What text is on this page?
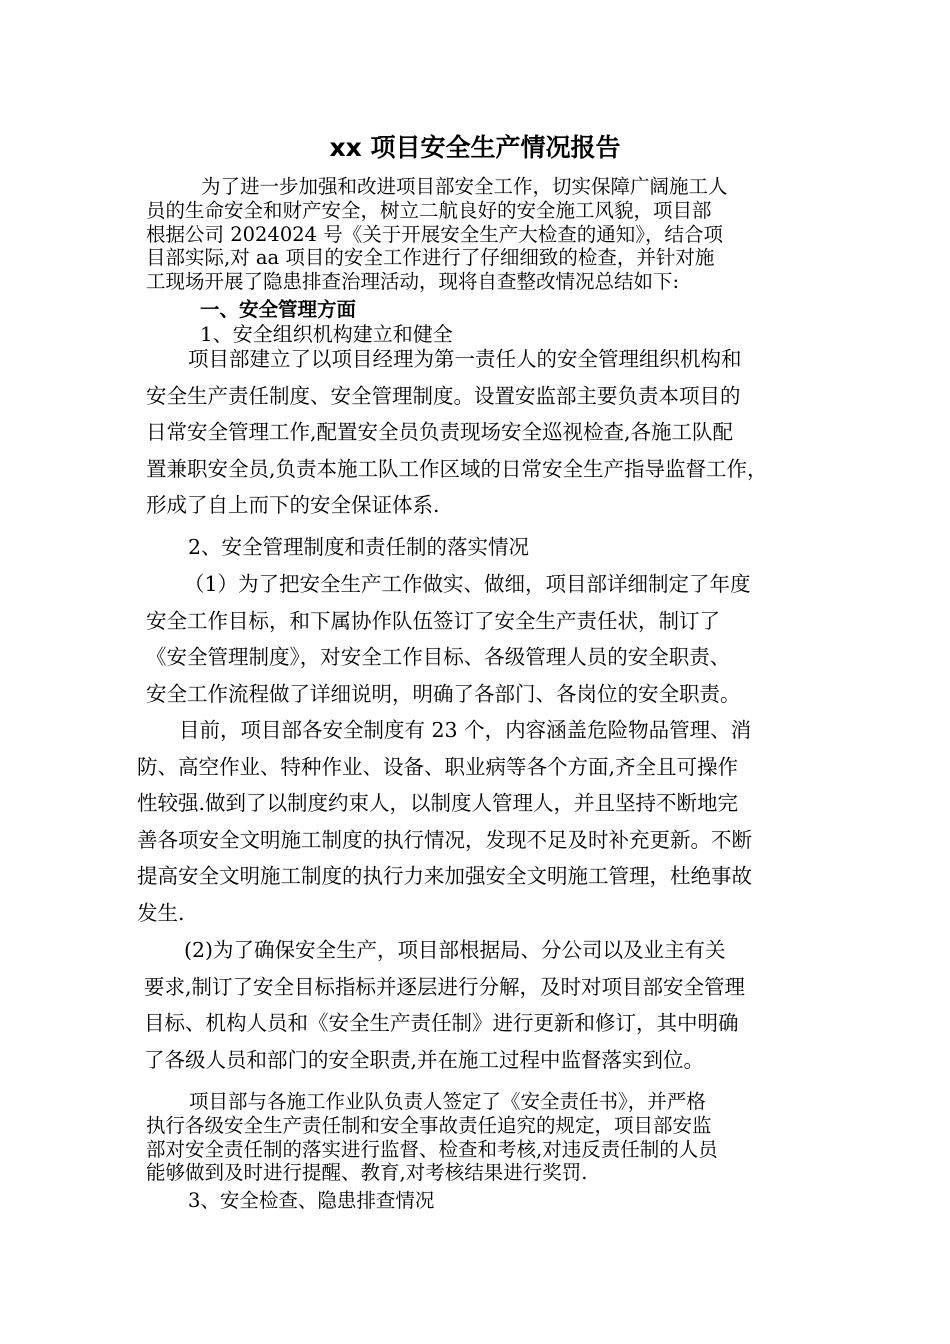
xx 项目安全生产情况报告
为了进一步加强和改进项目部安全工作，切实保障广阔施工人
员的生命安全和财产安全，树立二航良好的安全施工风貌，项目部
根据公司 2024024 号《关于开展安全生产大检查的通知》，结合项
目部实际,对 aa 项目的安全工作进行了仔细细致的检查，并针对施
工现场开展了隐患排查治理活动，现将自查整改情况总结如下:
一、安全管理方面
1、安全组织机构建立和健全
项目部建立了以项目经理为第一责任人的安全管理组织机构和
安全生产责任制度、安全管理制度。设置安监部主要负责本项目的
日常安全管理工作,配置安全员负责现场安全巡视检查,各施工队配
置兼职安全员,负责本施工队工作区域的日常安全生产指导监督工作，
形成了自上而下的安全保证体系.
2、安全管理制度和责任制的落实情况
（1）为了把安全生产工作做实、做细，项目部详细制定了年度
安全工作目标，和下属协作队伍签订了安全生产责任状，制订了
《安全管理制度》，对安全工作目标、各级管理人员的安全职责、
安全工作流程做了详细说明，明确了各部门、各岗位的安全职责。
目前，项目部各安全制度有 23 个，内容涵盖危险物品管理、消
防、高空作业、特种作业、设备、职业病等各个方面,齐全且可操作
性较强.做到了以制度约束人，以制度人管理人，并且坚持不断地完
善各项安全文明施工制度的执行情况，发现不足及时补充更新。不断
提高安全文明施工制度的执行力来加强安全文明施工管理，杜绝事故
发生.
(2)为了确保安全生产，项目部根据局、分公司以及业主有关
要求,制订了安全目标指标并逐层进行分解，及时对项目部安全管理
目标、机构人员和《安全生产责任制》进行更新和修订，其中明确
了各级人员和部门的安全职责,并在施工过程中监督落实到位。
项目部与各施工作业队负责人签定了《安全责任书》，并严格
执行各级安全生产责任制和安全事故责任追究的规定，项目部安监
部对安全责任制的落实进行监督、检查和考核,对违反责任制的人员
能够做到及时进行提醒、教育,对考核结果进行奖罚.
3、安全检查、隐患排查情况
